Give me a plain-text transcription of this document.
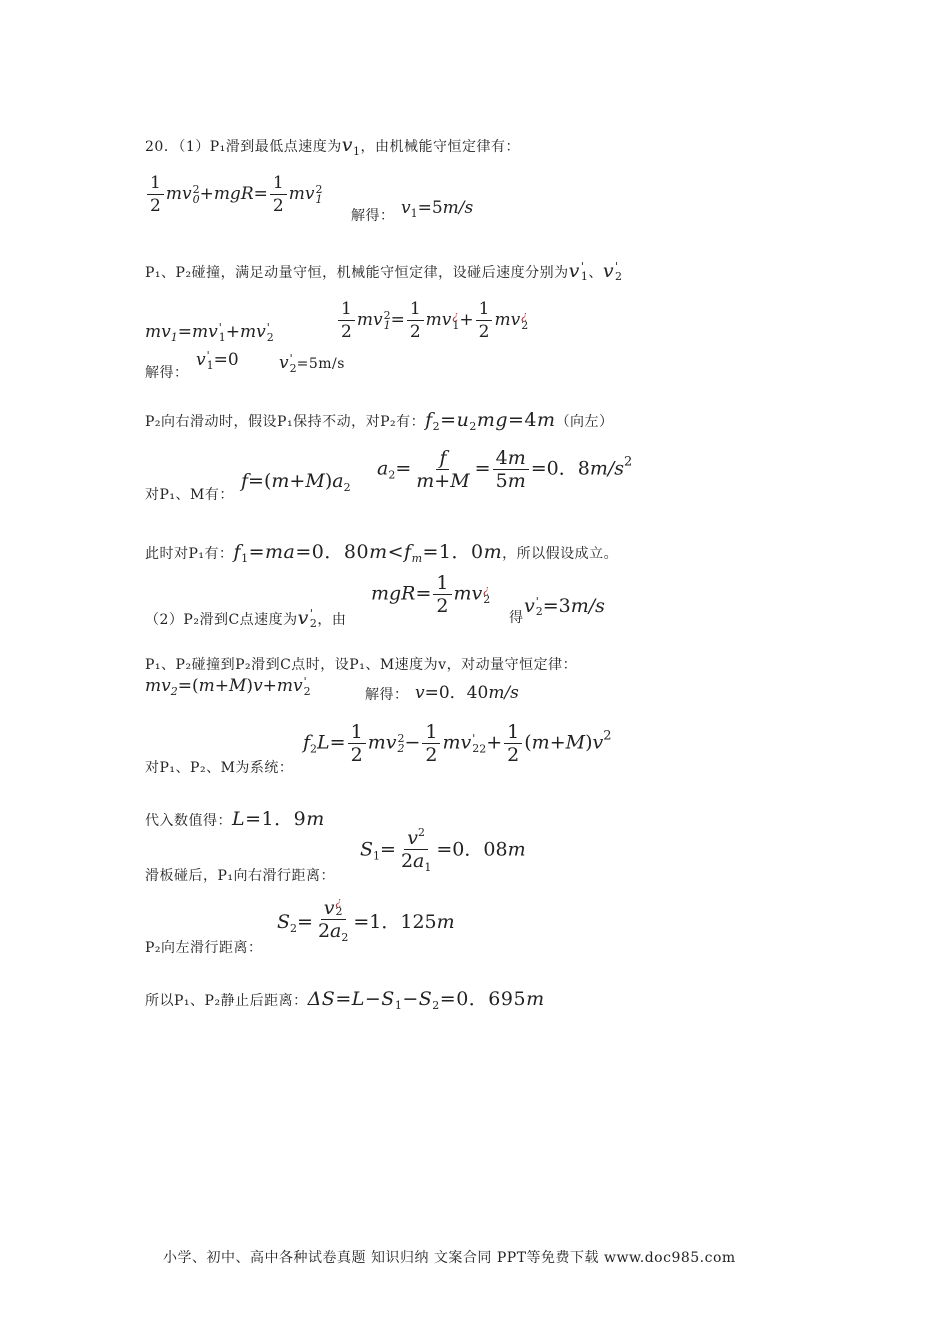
20．（1）P₁滑到最低点速度为$v_1$，由机械能守恒定律有：
$\frac{1}{2}$ mv 2
$0 +mgR= \frac{1}{2}$ mv 2
1
解得： $v_1=5m/s$
P₁、P₂碰撞，满足动量守恒，机械能守恒定律，设碰后速度分别为v '
1 、v '
2
$mv_1=mv$ '
1 +mv '
2	$\frac{1}{2}$ mv 2
$1 = \frac{1}{2}$ mv ¿
$1 + \frac{1}{2}$ mv ¿
2
解得：
v '
1 =0 v '
2 =5m/s
P₂向右滑动时，假设P₁保持不动，对P₂有：$f_2=u_2mg=4m$（向左）
对P₁、M有：
$f=(m+M)a_2$
$a_2= \frac{f}{m+M} = \frac{4m}{5m} =0$．$8m/s^2$
此时对P₁有：$f_1=ma=0$．$80m<f_m=1$．0m，所以假设成立。
（2）P₂滑到C点速度为v '
2 ，由
$mgR= \frac{1}{2}$ mv ¿
2
得
v '
2 =3m/s
P₁、P₂碰撞到P₂滑到C点时，设P₁、M速度为v，对动量守恒定律：
$mv_2=(m+M)v+mv$ '
2	解得： v=0．40m/s
对P₁、P₂、M为系统：
$f_2L= \frac{1}{2}$ mv 2
$2 - \frac{1}{2}$ mv '
2 $_2+ \frac{1}{2} (m+M)v^2$
代入数值得：L=1．9m
滑板碰后，P₁向右滑行距离：
$S_1= \frac{v^2}{2a_1} =0$．08m
P₂向左滑行距离：
$S_2= v$ ¿
2
$2a_2 =1$．125m
所以P₁、P₂静止后距离：$\Delta S=L-S_1-S_2=0$．695m
小学、初中、高中各种试卷真题 知识归纳 文案合同 PPT等免费下载 www.doc985.com
